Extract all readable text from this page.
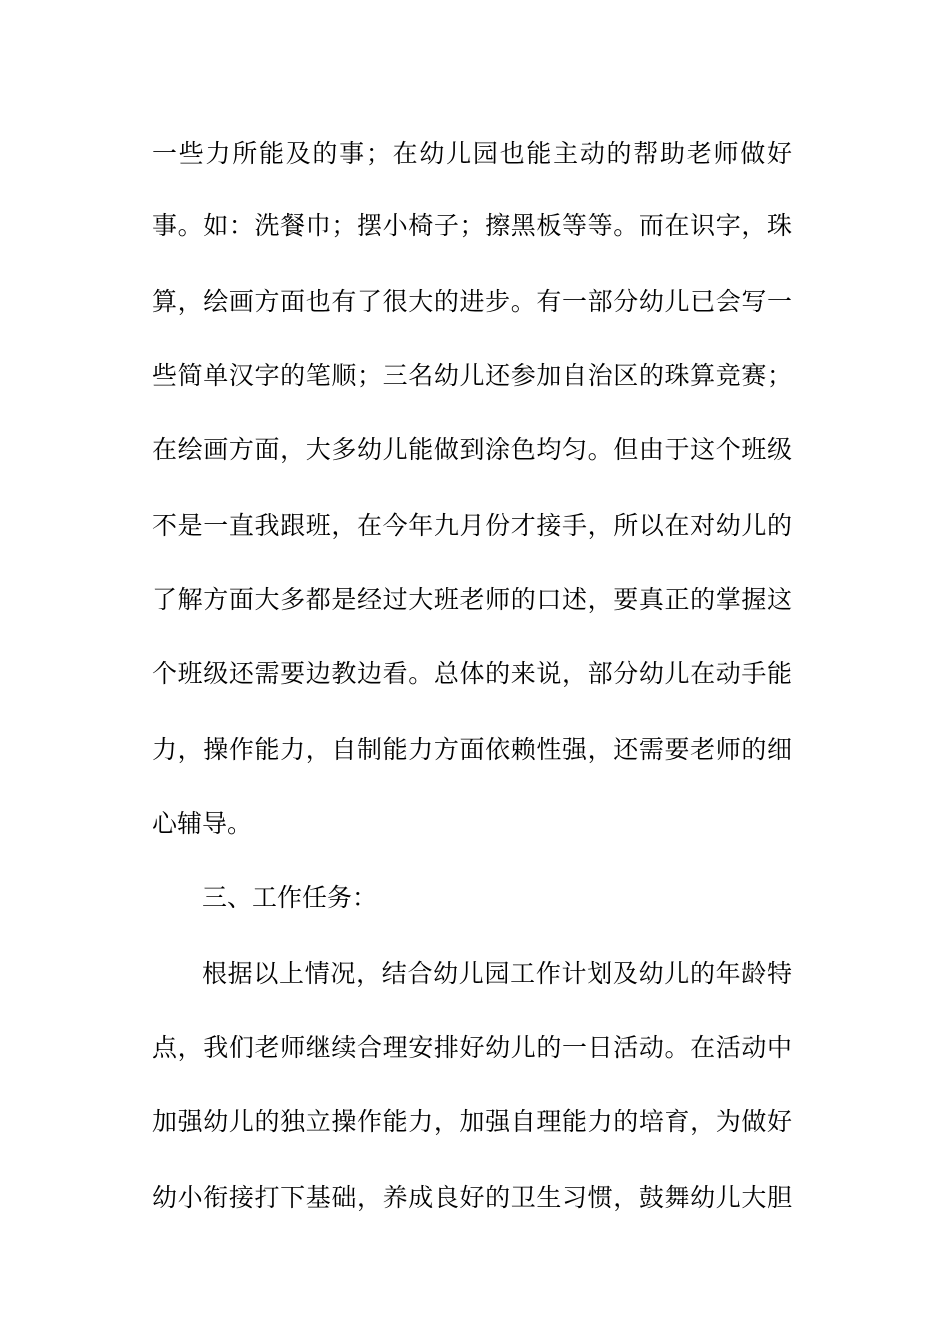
一些力所能及的事；在幼儿园也能主动的帮助老师做好
事。如：洗餐巾；摆小椅子；擦黑板等等。而在识字，珠
算，绘画方面也有了很大的进步。有一部分幼儿已会写一
些简单汉字的笔顺；三名幼儿还参加自治区的珠算竞赛；
在绘画方面，大多幼儿能做到涂色均匀。但由于这个班级
不是一直我跟班，在今年九月份才接手，所以在对幼儿的
了解方面大多都是经过大班老师的口述，要真正的掌握这
个班级还需要边教边看。总体的来说，部分幼儿在动手能
力，操作能力，自制能力方面依赖性强，还需要老师的细
心辅导。
三、工作任务：
根据以上情况，结合幼儿园工作计划及幼儿的年龄特
点，我们老师继续合理安排好幼儿的一日活动。在活动中
加强幼儿的独立操作能力，加强自理能力的培育，为做好
幼小衔接打下基础，养成良好的卫生习惯，鼓舞幼儿大胆
